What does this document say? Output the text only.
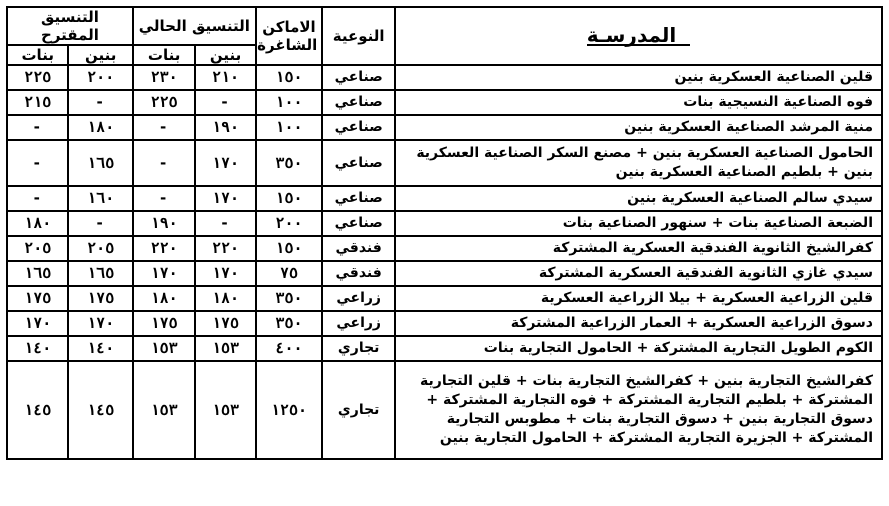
المدرسـة	النوعية	الاماكن الشاغرة	التنسيق الحالي		التنسيق المقترح	
			بنين	بنات	بنين	بنات
قلين الصناعية العسكرية بنين	صناعي	١٥٠	٢١٠	٢٣٠	٢٠٠	٢٢٥
فوه الصناعية النسيجية بنات	صناعي	١٠٠	-	٢٢٥	-	٢١٥
منية المرشد الصناعية العسكرية بنين	صناعي	١٠٠	١٩٠	-	١٨٠	-
الحامول الصناعية العسكرية بنين + مصنع السكر الصناعية العسكرية بنين + بلطيم الصناعية العسكرية بنين	صناعي	٣٥٠	١٧٠	-	١٦٥	-
سيدي سالم الصناعية العسكرية بنين	صناعي	١٥٠	١٧٠	-	١٦٠	-
الضبعة الصناعية بنات + سنهور الصناعية بنات	صناعي	٢٠٠	-	١٩٠	-	١٨٠
كفرالشيخ الثانوية الفندقية العسكرية المشتركة	فندقي	١٥٠	٢٢٠	٢٢٠	٢٠٥	٢٠٥
سيدي غازي الثانوية الفندقية العسكرية المشتركة	فندقي	٧٥	١٧٠	١٧٠	١٦٥	١٦٥
قلين الزراعية العسكرية + بيلا الزراعية العسكرية	زراعي	٣٥٠	١٨٠	١٨٠	١٧٥	١٧٥
دسوق الزراعية العسكرية + العمار الزراعية المشتركة	زراعي	٣٥٠	١٧٥	١٧٥	١٧٠	١٧٠
الكوم الطويل التجارية المشتركة + الحامول التجارية بنات	تجاري	٤٠٠	١٥٣	١٥٣	١٤٠	١٤٠
كفرالشيخ التجارية بنين + كفرالشيخ التجارية بنات + قلين التجارية المشتركة + بلطيم التجارية المشتركة + فوه التجارية المشتركة + دسوق التجارية بنين + دسوق التجارية بنات + مطوبس التجارية المشتركة + الجزيرة التجارية المشتركة + الحامول التجارية بنين	تجاري	١٢٥٠	١٥٣	١٥٣	١٤٥	١٤٥
